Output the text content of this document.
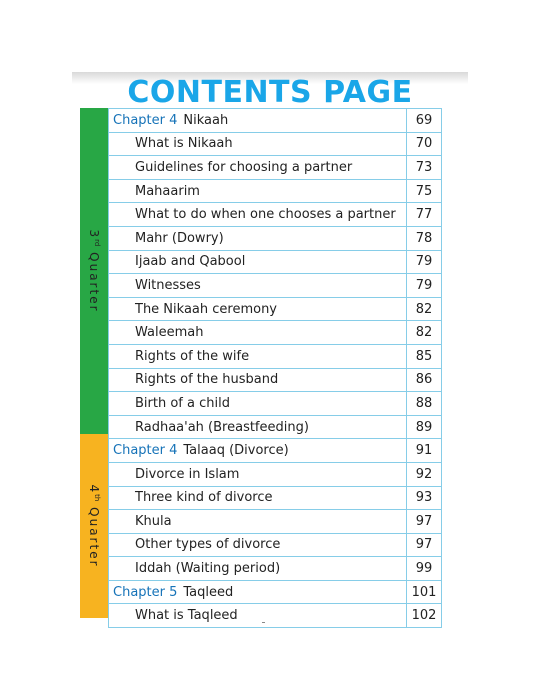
CONTENTS PAGE
3rd Quarter
4th Quarter
Chapter 4 Nikaah	69
What is Nikaah	70
Guidelines for choosing a partner	73
Mahaarim	75
What to do when one chooses a partner	77
Mahr (Dowry)	78
Ijaab and Qabool	79
Witnesses	79
The Nikaah ceremony	82
Waleemah	82
Rights of the wife	85
Rights of the husband	86
Birth of a child	88
Radhaa'ah (Breastfeeding)	89
Chapter 4 Talaaq (Divorce)	91
Divorce in Islam	92
Three kind of divorce	93
Khula	97
Other types of divorce	97
Iddah (Waiting period)	99
Chapter 5 Taqleed	101
What is Taqleed	102
